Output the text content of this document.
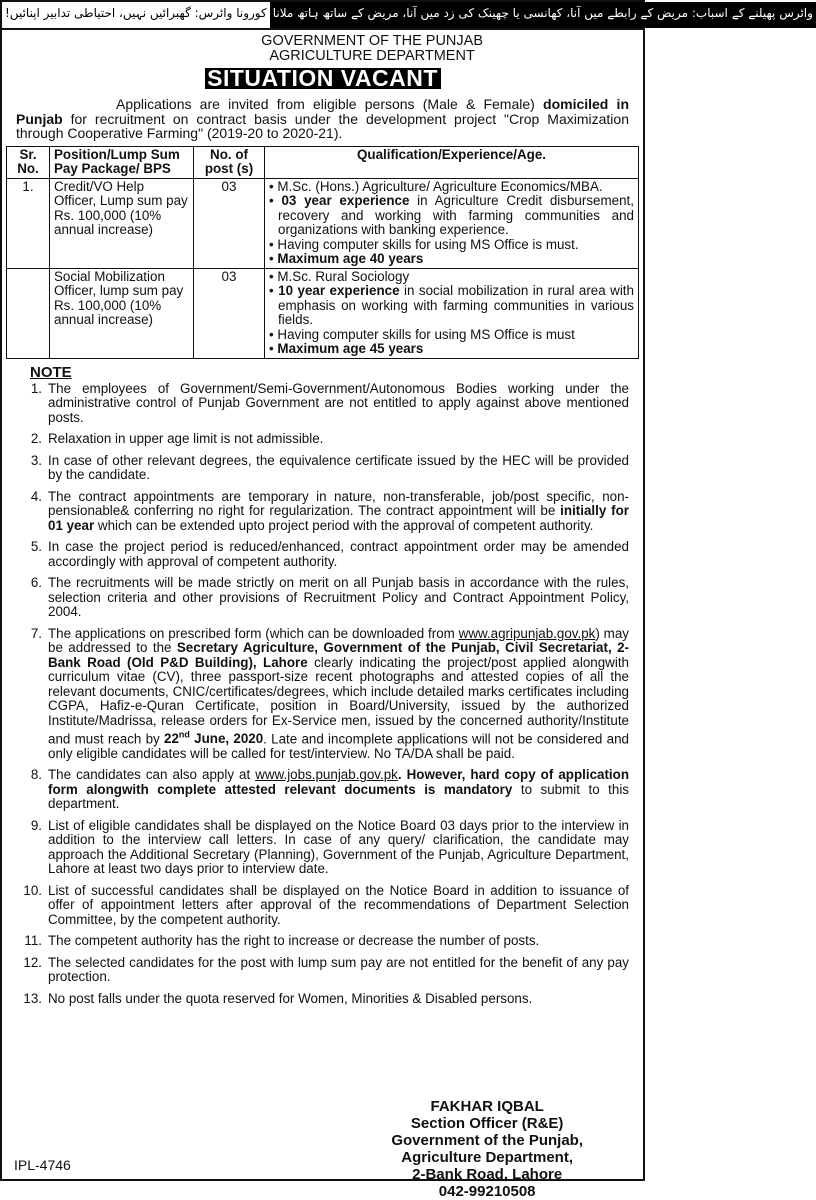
کورونا وائرس: گھبرائیں نہیں، احتیاطی تدابیر اپنائیں! وائرس پھیلنے کے اسباب: مریض کے رابطے میں آنا، کھانسی یا چھینک کی زد میں آنا، مریض کے ساتھ ہاتھ ملانا
GOVERNMENT OF THE PUNJAB
AGRICULTURE DEPARTMENT
SITUATION VACANT

Applications are invited from eligible persons (Male & Female) domiciled in Punjab for recruitment on contract basis under the development project "Crop Maximization through Cooperative Farming" (2019-20 to 2020-21).

Sr. No.	Position/Lump Sum Pay Package/ BPS	No. of post (s)	Qualification/Experience/Age.
1.	Credit/VO Help Officer, Lump sum pay Rs. 100,000 (10% annual increase)	03	• M.Sc. (Hons.) Agriculture/ Agriculture Economics/MBA.
• 03 year experience in Agriculture Credit disbursement, recovery and working with farming communities and organizations with banking experience.
• Having computer skills for using MS Office is must.
• Maximum age 40 years

	Social Mobilization Officer, lump sum pay Rs. 100,000 (10% annual increase)	03	• M.Sc. Rural Sociology
• 10 year experience in social mobilization in rural area with emphasis on working with farming communities in various fields.
• Having computer skills for using MS Office is must
• Maximum age 45 years
NOTE
1. The employees of Government/Semi-Government/Autonomous Bodies working under the administrative control of Punjab Government are not entitled to apply against above mentioned posts.
2. Relaxation in upper age limit is not admissible.
3. In case of other relevant degrees, the equivalence certificate issued by the HEC will be provided by the candidate.
4. The contract appointments are temporary in nature, non-transferable, job/post specific, non-pensionable& conferring no right for regularization. The contract appointment will be initially for 01 year which can be extended upto project period with the approval of competent authority.
5. In case the project period is reduced/enhanced, contract appointment order may be amended accordingly with approval of competent authority.
6. The recruitments will be made strictly on merit on all Punjab basis in accordance with the rules, selection criteria and other provisions of Recruitment Policy and Contract Appointment Policy, 2004.
7. The applications on prescribed form (which can be downloaded from www.agripunjab.gov.pk) may be addressed to the Secretary Agriculture, Government of the Punjab, Civil Secretariat, 2-Bank Road (Old P&D Building), Lahore clearly indicating the project/post applied alongwith curriculum vitae (CV), three passport-size recent photographs and attested copies of all the relevant documents, CNIC/certificates/degrees, which include detailed marks certificates including CGPA, Hafiz-e-Quran Certificate, position in Board/University, issued by the authorized Institute/Madrissa, release orders for Ex-Service men, issued by the concerned authority/Institute and must reach by 22nd June, 2020. Late and incomplete applications will not be considered and only eligible candidates will be called for test/interview. No TA/DA shall be paid.
8. The candidates can also apply at www.jobs.punjab.gov.pk. However, hard copy of application form alongwith complete attested relevant documents is mandatory to submit to this department.
9. List of eligible candidates shall be displayed on the Notice Board 03 days prior to the interview in addition to the interview call letters. In case of any query/ clarification, the candidate may approach the Additional Secretary (Planning), Government of the Punjab, Agriculture Department, Lahore at least two days prior to interview date.
10. List of successful candidates shall be displayed on the Notice Board in addition to issuance of offer of appointment letters after approval of the recommendations of Department Selection Committee, by the competent authority.
11. The competent authority has the right to increase or decrease the number of posts.
12. The selected candidates for the post with lump sum pay are not entitled for the benefit of any pay protection.
13. No post falls under the quota reserved for Women, Minorities & Disabled persons.
FAKHAR IQBAL
Section Officer (R&E)
Government of the Punjab,
Agriculture Department,
2-Bank Road, Lahore
042-99210508
IPL-4746
